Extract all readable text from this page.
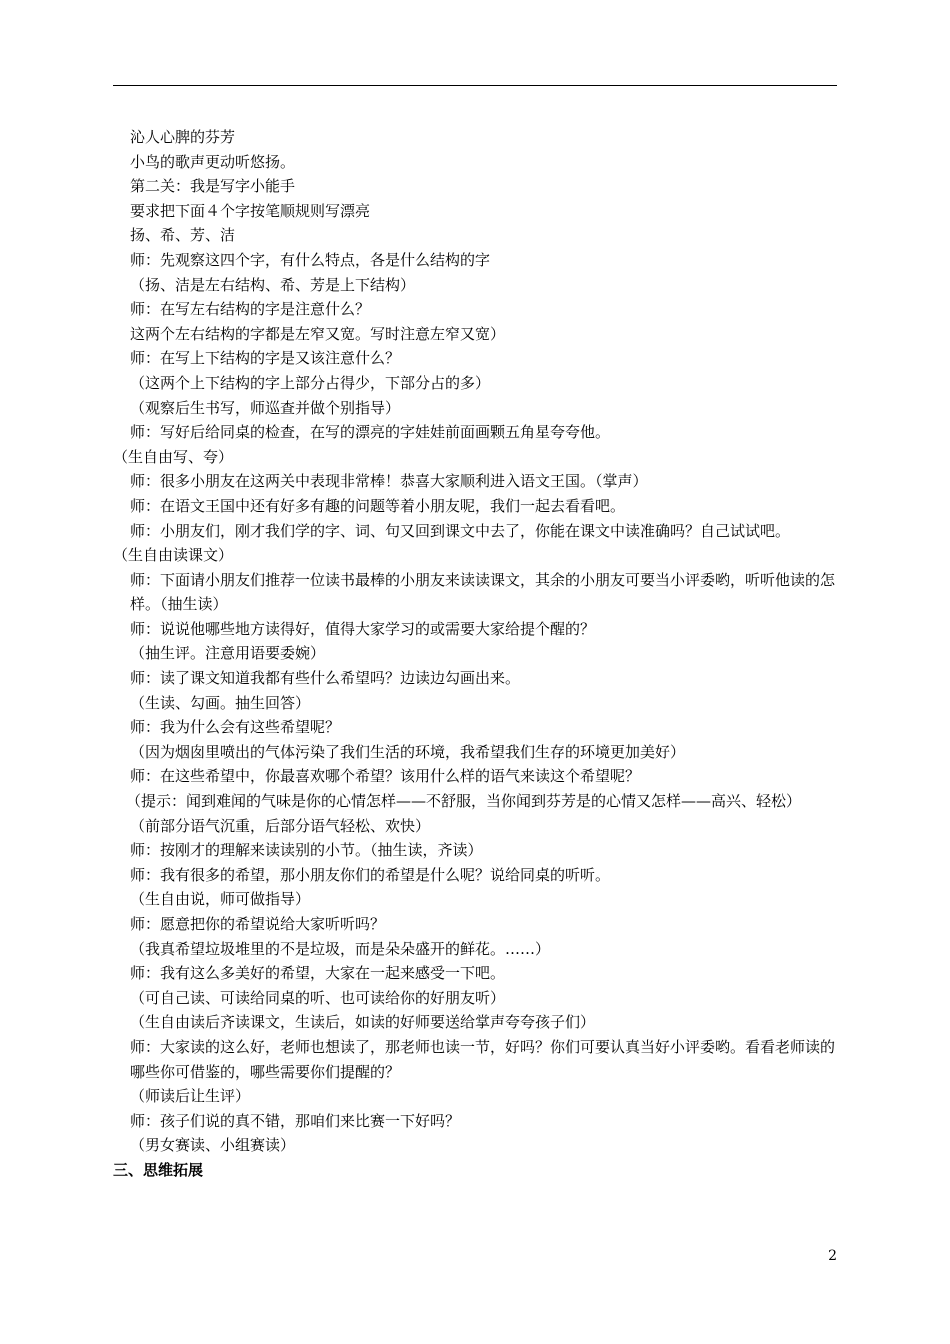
沁人心脾的芬芳
小鸟的歌声更动听悠扬。
第二关：我是写字小能手
要求把下面４个字按笔顺规则写漂亮
扬、希、芳、洁
师：先观察这四个字，有什么特点，各是什么结构的字
（扬、洁是左右结构、希、芳是上下结构）
师：在写左右结构的字是注意什么？
这两个左右结构的字都是左窄又宽。写时注意左窄又宽）
师：在写上下结构的字是又该注意什么？
（这两个上下结构的字上部分占得少，下部分占的多）
（观察后生书写，师巡查并做个别指导）
师：写好后给同桌的检查，在写的漂亮的字娃娃前面画颗五角星夸夸他。
（生自由写、夸）
师：很多小朋友在这两关中表现非常棒！恭喜大家顺利进入语文王国。（掌声）
师：在语文王国中还有好多有趣的问题等着小朋友呢，我们一起去看看吧。
师：小朋友们，刚才我们学的字、词、句又回到课文中去了，你能在课文中读准确吗？自己试试吧。
（生自由读课文）
师：下面请小朋友们推荐一位读书最棒的小朋友来读读课文，其余的小朋友可要当小评委哟，听听他读的怎样。（抽生读）
师：说说他哪些地方读得好，值得大家学习的或需要大家给提个醒的？
（抽生评。注意用语要委婉）
师：读了课文知道我都有些什么希望吗？边读边勾画出来。
（生读、勾画。抽生回答）
师：我为什么会有这些希望呢？
（因为烟囱里喷出的气体污染了我们生活的环境，我希望我们生存的环境更加美好）
师：在这些希望中，你最喜欢哪个希望？该用什么样的语气来读这个希望呢？
（提示：闻到难闻的气味是你的心情怎样——不舒服，当你闻到芬芳是的心情又怎样——高兴、轻松）
（前部分语气沉重，后部分语气轻松、欢快）
师：按刚才的理解来读读别的小节。（抽生读，齐读）
师：我有很多的希望，那小朋友你们的希望是什么呢？说给同桌的听听。
（生自由说，师可做指导）
师：愿意把你的希望说给大家听听吗？
（我真希望垃圾堆里的不是垃圾，而是朵朵盛开的鲜花。……）
师：我有这么多美好的希望，大家在一起来感受一下吧。
（可自己读、可读给同桌的听、也可读给你的好朋友听）
（生自由读后齐读课文，生读后，如读的好师要送给掌声夸夸孩子们）
师：大家读的这么好，老师也想读了，那老师也读一节，好吗？你们可要认真当好小评委哟。看看老师读的哪些你可借鉴的，哪些需要你们提醒的？
（师读后让生评）
师：孩子们说的真不错，那咱们来比赛一下好吗？
（男女赛读、小组赛读）
三、思维拓展
2
